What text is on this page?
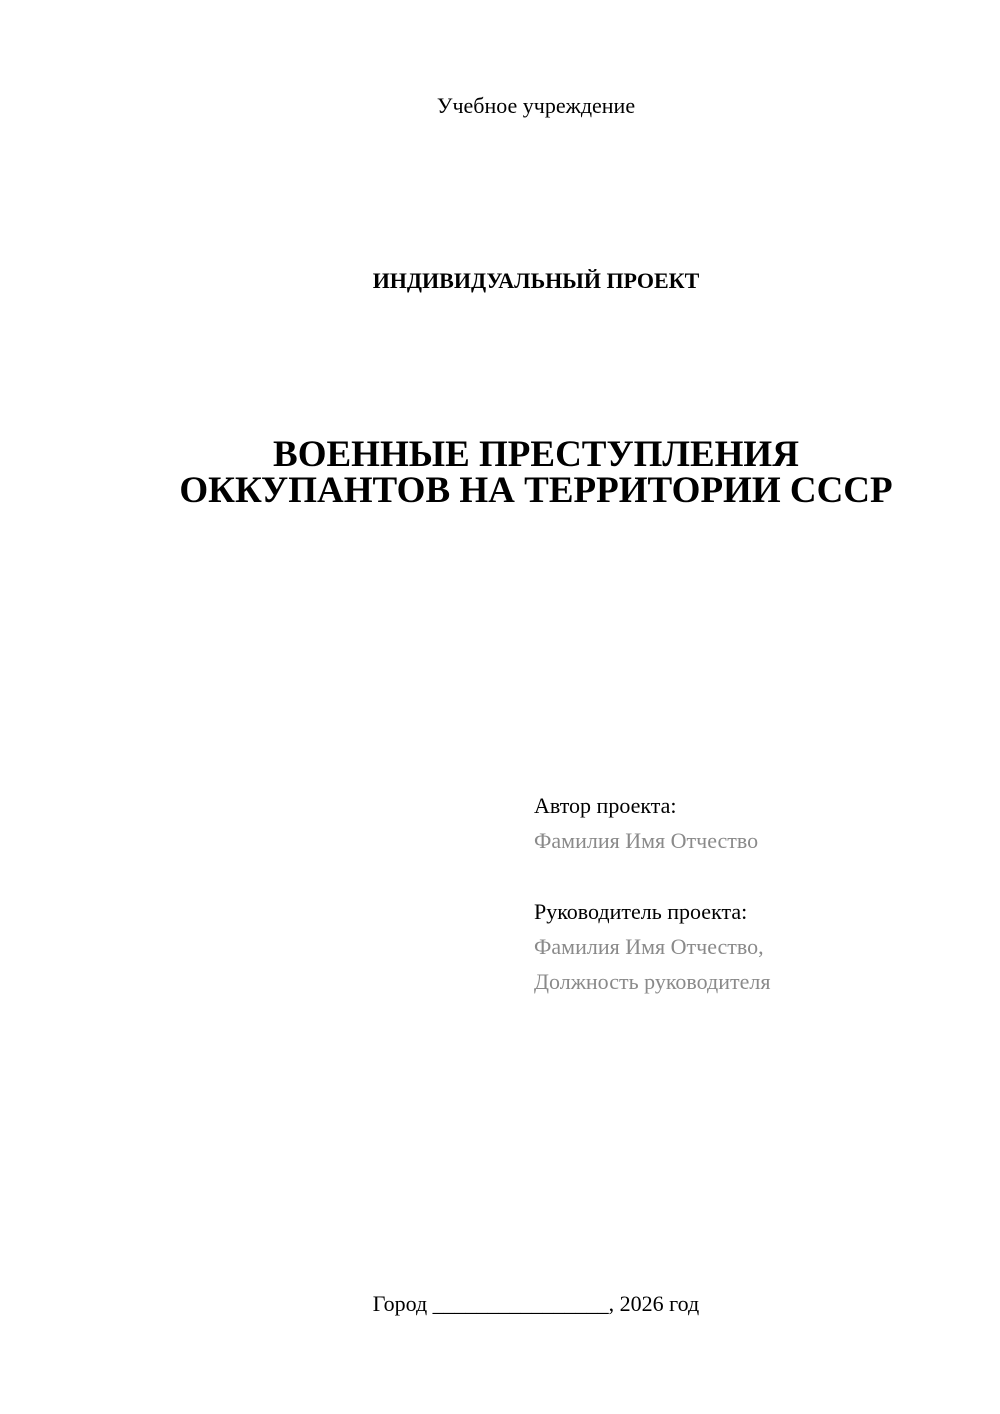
Учебное учреждение
ИНДИВИДУАЛЬНЫЙ ПРОЕКТ
ВОЕННЫЕ ПРЕСТУПЛЕНИЯ
ОККУПАНТОВ НА ТЕРРИТОРИИ СССР
Автор проекта:
Фамилия Имя Отчество
Руководитель проекта:
Фамилия Имя Отчество,
Должность руководителя
Город ________________, 2026 год
